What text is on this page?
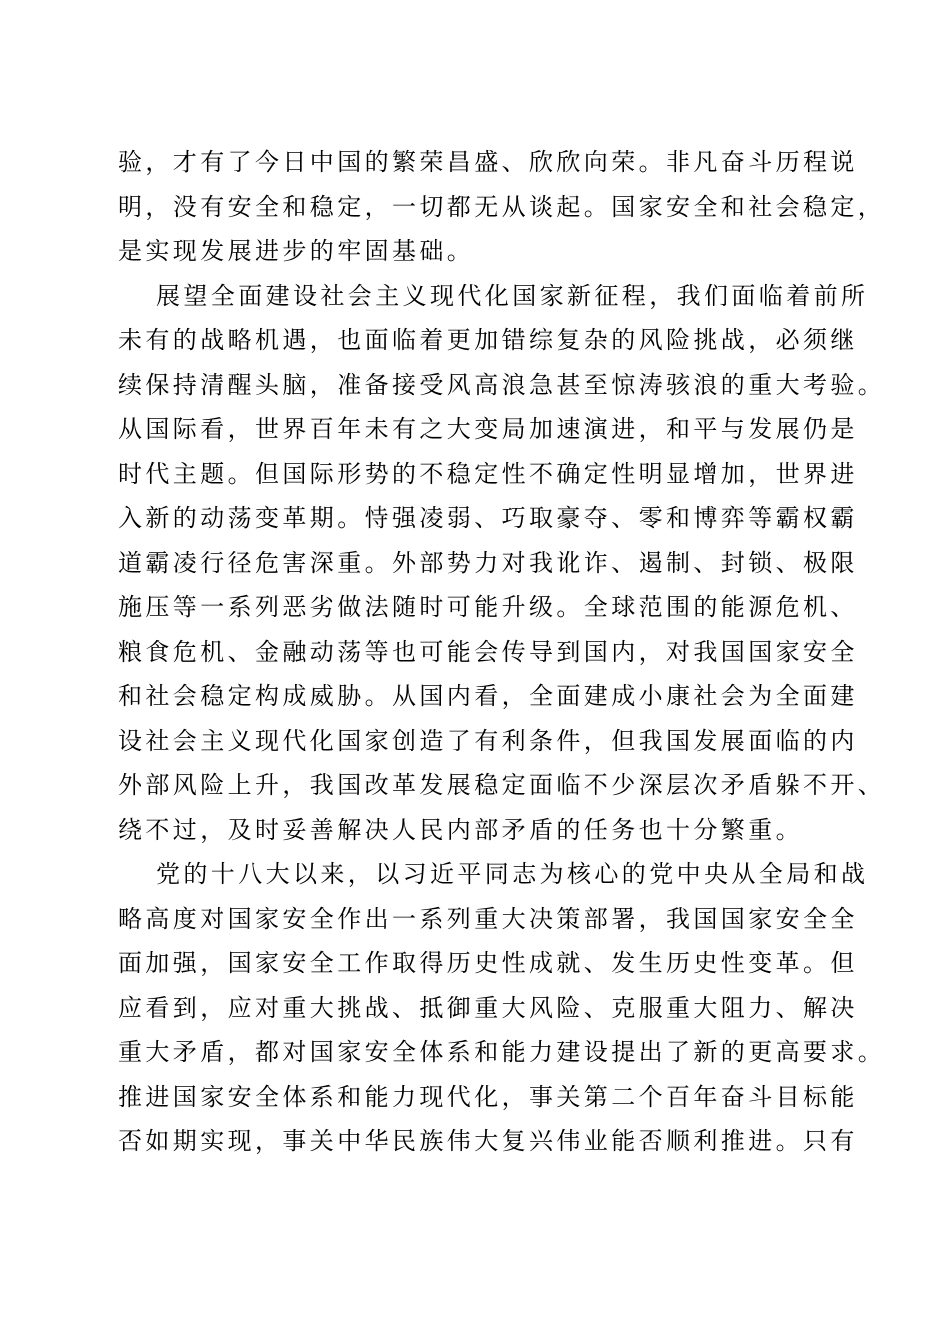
验，才有了今日中国的繁荣昌盛、欣欣向荣。非凡奋斗历程说
明，没有安全和稳定，一切都无从谈起。国家安全和社会稳定，
是实现发展进步的牢固基础。
展望全面建设社会主义现代化国家新征程，我们面临着前所
未有的战略机遇，也面临着更加错综复杂的风险挑战，必须继
续保持清醒头脑，准备接受风高浪急甚至惊涛骇浪的重大考验。
从国际看，世界百年未有之大变局加速演进，和平与发展仍是
时代主题。但国际形势的不稳定性不确定性明显增加，世界进
入新的动荡变革期。恃强凌弱、巧取豪夺、零和博弈等霸权霸
道霸凌行径危害深重。外部势力对我讹诈、遏制、封锁、极限
施压等一系列恶劣做法随时可能升级。全球范围的能源危机、
粮食危机、金融动荡等也可能会传导到国内，对我国国家安全
和社会稳定构成威胁。从国内看，全面建成小康社会为全面建
设社会主义现代化国家创造了有利条件，但我国发展面临的内
外部风险上升，我国改革发展稳定面临不少深层次矛盾躲不开、
绕不过，及时妥善解决人民内部矛盾的任务也十分繁重。
党的十八大以来，以习近平同志为核心的党中央从全局和战
略高度对国家安全作出一系列重大决策部署，我国国家安全全
面加强，国家安全工作取得历史性成就、发生历史性变革。但
应看到，应对重大挑战、抵御重大风险、克服重大阻力、解决
重大矛盾，都对国家安全体系和能力建设提出了新的更高要求。
推进国家安全体系和能力现代化，事关第二个百年奋斗目标能
否如期实现，事关中华民族伟大复兴伟业能否顺利推进。只有
